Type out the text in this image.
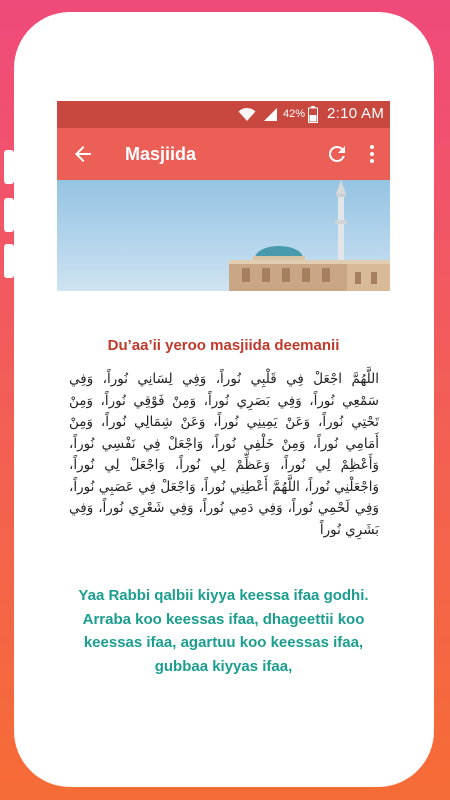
42% 2:10 AM
Masjiida
Du’aa’ii yeroo masjiida deemanii
اللَّهُمَّ اجْعَلْ فِي قَلْبِي نُوراً، وَفِي لِسَانِي نُوراً، وَفِي سَمْعِي نُوراً، وَفِي بَصَرِي نُوراً، وَمِنْ فَوْقِي نُوراً، وَمِنْ تَحْتِي نُوراً، وَعَنْ يَمِينِي نُوراً، وَعَنْ شِمَالِي نُوراً، وَمِنْ أَمَامِي نُوراً، وَمِنْ خَلْفِي نُوراً، وَاجْعَلْ فِي نَفْسِي نُوراً، وَأَعْظِمْ لِي نُوراً، وَعَظِّمْ لِي نُوراً، وَاجْعَلْ لِي نُوراً، وَاجْعَلْنِي نُوراً، اللَّهُمَّ أَعْطِنِي نُوراً، وَاجْعَلْ فِي عَصَبِي نُوراً، وَفِي لَحْمِي نُوراً، وَفِي دَمِي نُوراً، وَفِي شَعْرِي نُوراً، وَفِي بَشَرِي نُوراً
Yaa Rabbi qalbii kiyya keessa ifaa godhi. Arraba koo keessas ifaa, dhageettii koo keessas ifaa, agartuu koo keessas ifaa, gubbaa kiyyas ifaa,
